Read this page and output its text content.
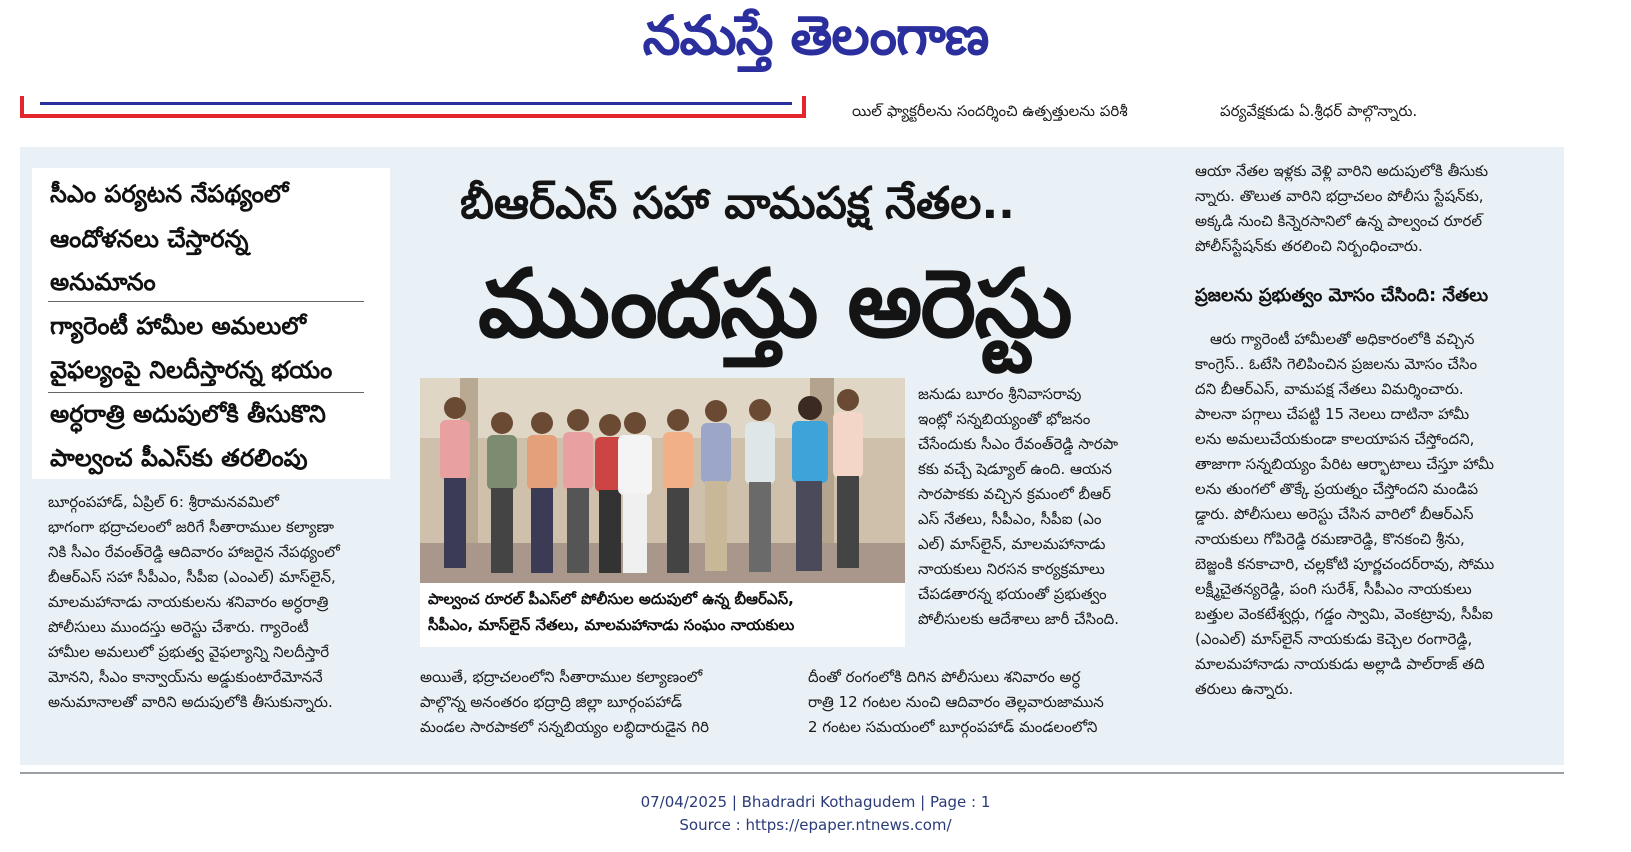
నమస్తే తెలంగాణ
యిల్ ఫ్యాక్టరీలను సందర్శించి ఉత్పత్తులను పరిశీ	పర్యవేక్షకుడు ఏ.శ్రీధర్ పాల్గొన్నారు.
సీఎం పర్యటన నేపథ్యంలో
ఆందోళనలు చేస్తారన్న
అనుమానం
గ్యారెంటీ హామీల అమలులో
వైఫల్యంపై నిలదీస్తారన్న భయం
అర్ధరాత్రి అదుపులోకి తీసుకొని
పాల్వంచ పీఎస్‌కు తరలింపు
బీఆర్ఎస్ సహా వామపక్ష నేతల..
ముందస్తు అరెస్టు
పాల్వంచ రూరల్ పీఎస్‌లో పోలీసుల అదుపులో ఉన్న బీఆర్ఎస్,
సీపీఎం, మాస్‌లైన్ నేతలు, మాలమహానాడు సంఘం నాయకులు
బూర్గంపహాడ్, ఏప్రిల్ 6: శ్రీరామనవమిలో
భాగంగా భద్రాచలంలో జరిగే సీతారాముల కల్యాణా
నికి సీఎం రేవంత్‌రెడ్డి ఆదివారం హాజరైన నేపథ్యంలో
బీఆర్ఎస్ సహా సీపీఎం, సీపీఐ (ఎంఎల్) మాస్‌లైన్,
మాలమహానాడు నాయకులను శనివారం అర్ధరాత్రి
పోలీసులు ముందస్తు అరెస్టు చేశారు. గ్యారెంటీ
హామీల అమలులో ప్రభుత్వ వైఫల్యాన్ని నిలదీస్తారే
మోనని, సీఎం కాన్వాయ్‌ను అడ్డుకుంటారేమోననే
అనుమానాలతో వారిని అదుపులోకి తీసుకున్నారు.
అయితే, భద్రాచలంలోని సీతారాముల కల్యాణంలో
పాల్గొన్న అనంతరం భద్రాద్రి జిల్లా బూర్గంపహాడ్
మండల సారపాకలో సన్నబియ్యం లబ్ధిదారుడైన గిరి
జనుడు బూరం శ్రీనివాసరావు
ఇంట్లో సన్నబియ్యంతో భోజనం
చేసేందుకు సీఎం రేవంత్‌రెడ్డి సారపా
కకు వచ్చే షెడ్యూల్ ఉంది. ఆయన
సారపాకకు వచ్చిన క్రమంలో బీఆర్
ఎస్ నేతలు, సీపీఎం, సీపీఐ (ఎం
ఎల్) మాస్‌లైన్, మాలమహానాడు
నాయకులు నిరసన కార్యక్రమాలు
చేపడతారన్న భయంతో ప్రభుత్వం
పోలీసులకు ఆదేశాలు జారీ చేసింది.
దీంతో రంగంలోకి దిగిన పోలీసులు శనివారం అర్ధ
రాత్రి 12 గంటల నుంచి ఆదివారం తెల్లవారుజామున
2 గంటల సమయంలో బూర్గంపహాడ్ మండలంలోని
ఆయా నేతల ఇళ్లకు వెళ్లి వారిని అదుపులోకి తీసుకు
న్నారు. తొలుత వారిని భద్రాచలం పోలీసు స్టేషన్‌కు,
అక్కడి నుంచి కిన్నెరసానిలో ఉన్న పాల్వంచ రూరల్
పోలీస్‌స్టేషన్‌కు తరలించి నిర్బంధించారు.
ప్రజలను ప్రభుత్వం మోసం చేసింది: నేతలు
ఆరు గ్యారెంటీ హామీలతో అధికారంలోకి వచ్చిన
కాంగ్రెస్.. ఓటేసి గెలిపించిన ప్రజలను మోసం చేసిం
దని బీఆర్ఎస్, వామపక్ష నేతలు విమర్శించారు.
పాలనా పగ్గాలు చేపట్టి 15 నెలలు దాటినా హామీ
లను అమలుచేయకుండా కాలయాపన చేస్తోందని,
తాజాగా సన్నబియ్యం పేరిట ఆర్భాటాలు చేస్తూ హామీ
లను తుంగలో తొక్కే ప్రయత్నం చేస్తోందని మండిప
డ్డారు. పోలీసులు అరెస్టు చేసిన వారిలో బీఆర్ఎస్
నాయకులు గోపిరెడ్డి రమణారెడ్డి, కొనకంచి శ్రీను,
బెజ్జంకి కనకాచారి, చల్లకోటి పూర్ణచందర్‌రావు, సోము
లక్ష్మీచైతన్యరెడ్డి, పంగి సురేశ్, సీపీఎం నాయకులు
బత్తుల వెంకటేశ్వర్లు, గడ్డం స్వామి, వెంకట్రావు, సీపీఐ
(ఎంఎల్) మాస్‌లైన్ నాయకుడు కెచ్చెల రంగారెడ్డి,
మాలమహానాడు నాయకుడు అల్లాడి పాల్‌రాజ్ తది
తరులు ఉన్నారు.
07/04/2025 | Bhadradri Kothagudem | Page : 1
Source : https://epaper.ntnews.com/
